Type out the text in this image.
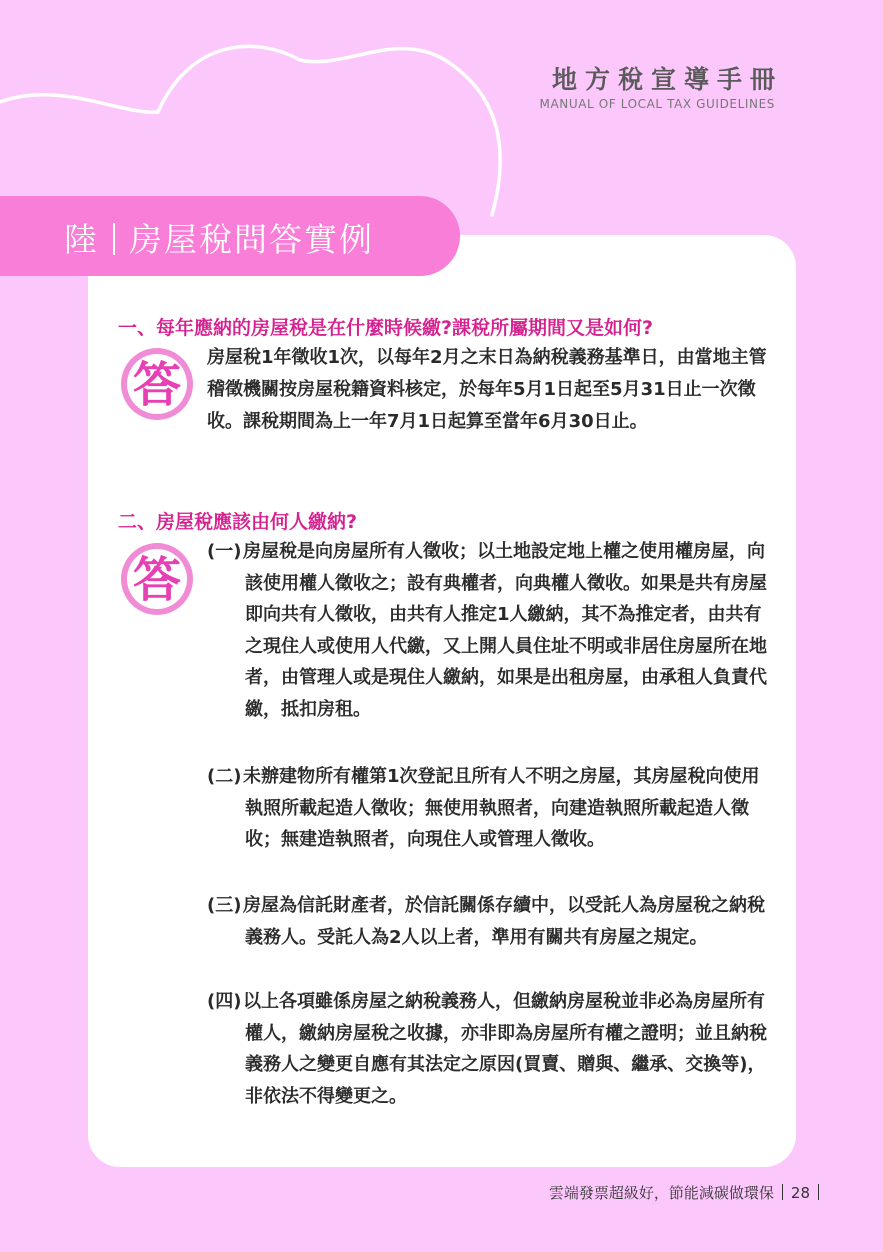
地方稅宣導手冊
MANUAL OF LOCAL TAX GUIDELINES
陸 房屋稅問答實例
一、每年應納的房屋稅是在什麼時候繳?課稅所屬期間又是如何?
答 房屋稅1年徵收1次，以每年2月之末日為納稅義務基準日，由當地主管稽徵機關按房屋稅籍資料核定，於每年5月1日起至5月31日止一次徵收。課稅期間為上一年7月1日起算至當年6月30日止。
二、房屋稅應該由何人繳納?
答
(一) 房屋稅是向房屋所有人徵收；以土地設定地上權之使用權房屋，向該使用權人徵收之；設有典權者，向典權人徵收。如果是共有房屋即向共有人徵收，由共有人推定1人繳納，其不為推定者，由共有之現住人或使用人代繳，又上開人員住址不明或非居住房屋所在地者，由管理人或是現住人繳納，如果是出租房屋，由承租人負責代繳，抵扣房租。
(二) 未辦建物所有權第1次登記且所有人不明之房屋，其房屋稅向使用執照所載起造人徵收；無使用執照者，向建造執照所載起造人徵收；無建造執照者，向現住人或管理人徵收。
(三) 房屋為信託財產者，於信託關係存續中，以受託人為房屋稅之納稅義務人。受託人為2人以上者，準用有關共有房屋之規定。
(四) 以上各項雖係房屋之納稅義務人，但繳納房屋稅並非必為房屋所有權人，繳納房屋稅之收據，亦非即為房屋所有權之證明；並且納稅義務人之變更自應有其法定之原因(買賣、贈與、繼承、交換等)，非依法不得變更之。
雲端發票超級好，節能減碳做環保 28
